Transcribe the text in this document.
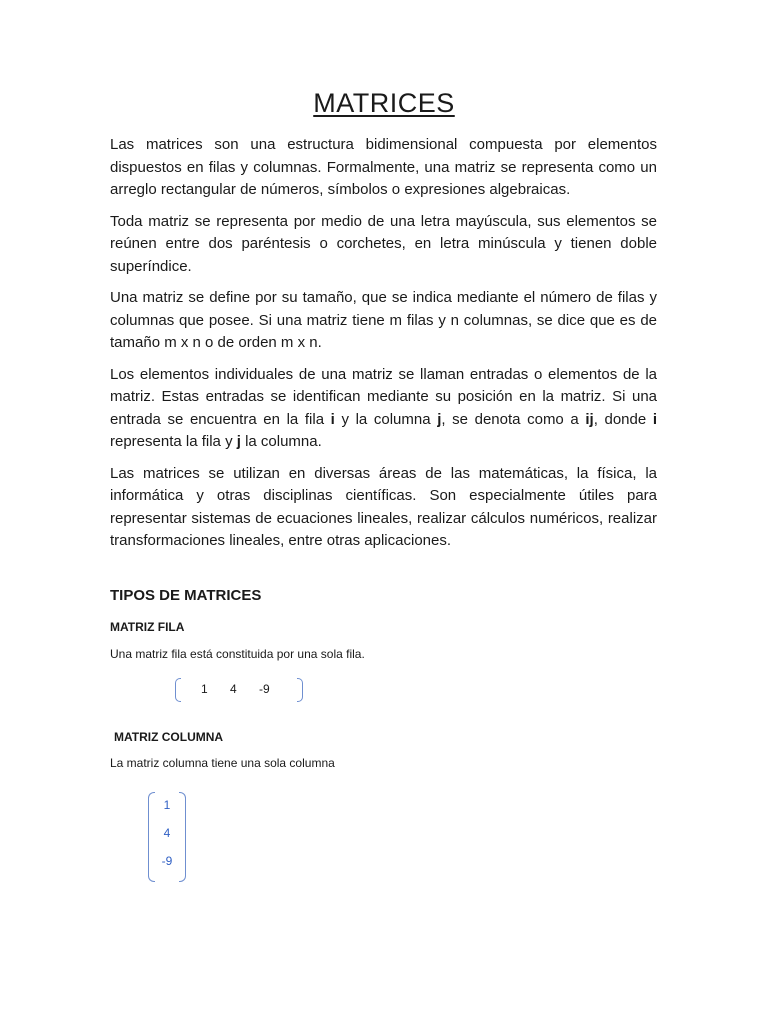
MATRICES

Las matrices son una estructura bidimensional compuesta por elementos dispuestos en filas y columnas. Formalmente, una matriz se representa como un arreglo rectangular de números, símbolos o expresiones algebraicas.

Toda matriz se representa por medio de una letra mayúscula, sus elementos se reúnen entre dos paréntesis o corchetes, en letra minúscula y tienen doble superíndice.

Una matriz se define por su tamaño, que se indica mediante el número de filas y columnas que posee. Si una matriz tiene m filas y n columnas, se dice que es de tamaño m x n o de orden m x n.

Los elementos individuales de una matriz se llaman entradas o elementos de la matriz. Estas entradas se identifican mediante su posición en la matriz. Si una entrada se encuentra en la fila i y la columna j, se denota como a ij, donde i representa la fila y j la columna.

Las matrices se utilizan en diversas áreas de las matemáticas, la física, la informática y otras disciplinas científicas. Son especialmente útiles para representar sistemas de ecuaciones lineales, realizar cálculos numéricos, realizar transformaciones lineales, entre otras aplicaciones.

TIPOS DE MATRICES
MATRIZ FILA

Una matriz fila está constituida por una sola fila.

1 4 -9
MATRIZ COLUMNA

La matriz columna tiene una sola columna

1
4
-9
